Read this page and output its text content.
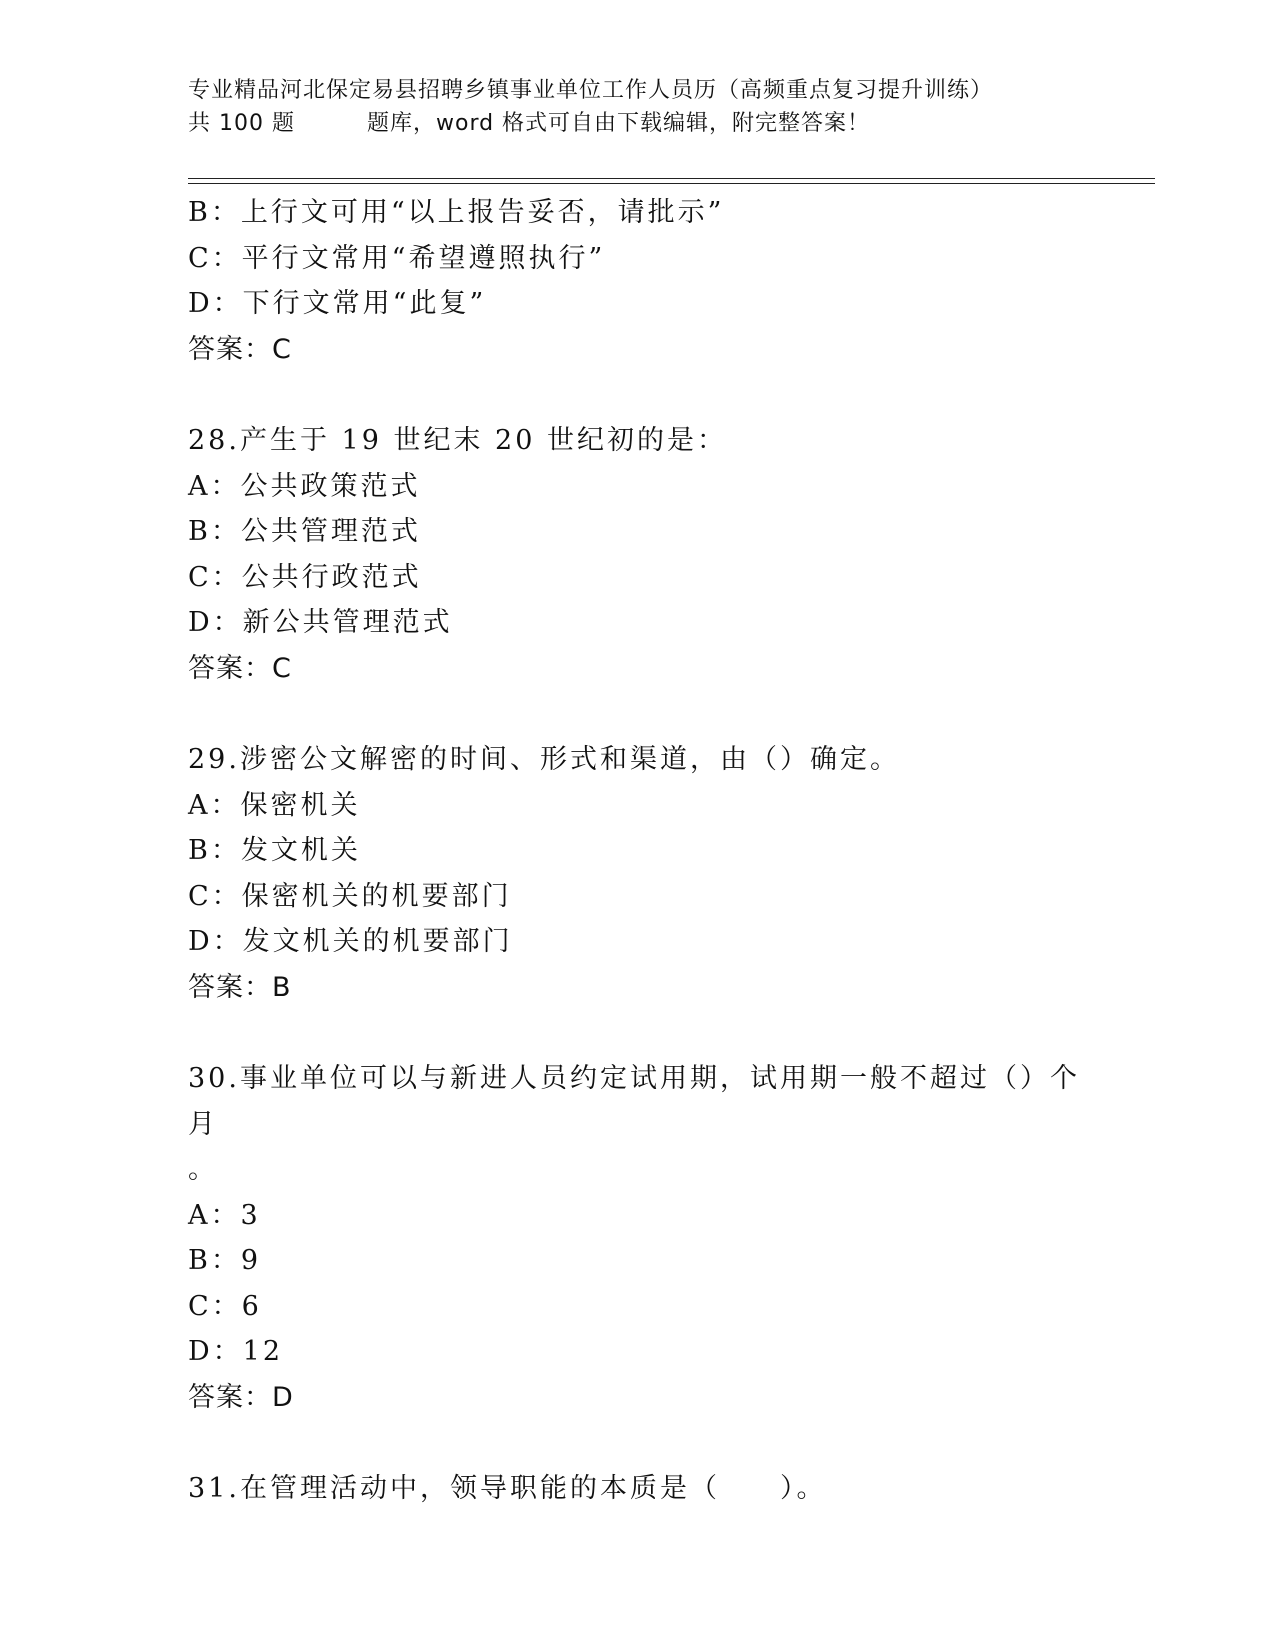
专业精品河北保定易县招聘乡镇事业单位工作人员历（高频重点复习提升训练）
共 100 题	题库，word 格式可自由下载编辑，附完整答案！
B：上行文可用“以上报告妥否，请批示”
C：平行文常用“希望遵照执行”
D：下行文常用“此复”
答案：C
28.产生于 19 世纪末 20 世纪初的是：
A：公共政策范式
B：公共管理范式
C：公共行政范式
D：新公共管理范式
答案：C
29.涉密公文解密的时间、形式和渠道，由（）确定。
A：保密机关
B：发文机关
C：保密机关的机要部门
D：发文机关的机要部门
答案：B
30.事业单位可以与新进人员约定试用期，试用期一般不超过（）个月
。
A：3
B：9
C：6
D：12
答案：D
31.在管理活动中，领导职能的本质是（　　）。
